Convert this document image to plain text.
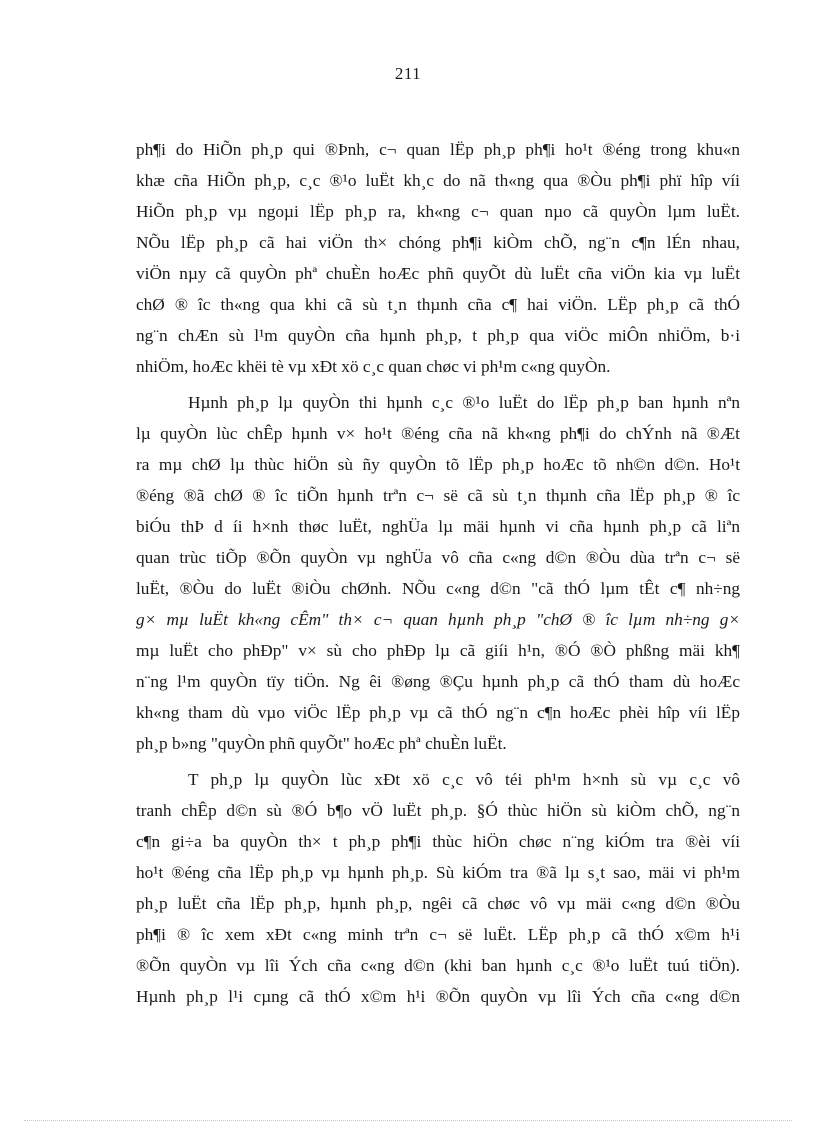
211
ph¶i do HiÕn ph¸p qui ®Þnh, c¬ quan lËp ph¸p ph¶i ho¹t ®éng trong khu«n
khæ cña HiÕn ph¸p, c¸c ®¹o luËt kh¸c do nã th«ng qua ®Òu ph¶i phï hîp víi
HiÕn ph¸p vµ ngoµi lËp ph¸p ra, kh«ng c¬ quan nµo cã quyÒn lµm luËt.
NÕu lËp ph¸p cã hai viÖn th× chóng ph¶i kiÒm chÕ, ng¨n c¶n lÉn nhau,
viÖn nµy cã quyÒn phª chuÈn hoÆc phñ quyÕt dù luËt cña viÖn kia vµ luËt
chØ ® îc th«ng qua khi cã sù t¸n thµnh cña c¶ hai viÖn. LËp ph¸p cã thÓ
ng¨n chÆn sù l¹m quyÒn cña hµnh ph¸p, t ph¸p qua viÖc miÔn nhiÖm, b·i
nhiÖm, hoÆc khëi tè vµ xÐt xö c¸c quan chøc vi ph¹m c«ng quyÒn.
Hµnh ph¸p lµ quyÒn thi hµnh c¸c ®¹o luËt do lËp ph¸p ban hµnh nªn
lµ quyÒn lùc chÊp hµnh v× ho¹t ®éng cña nã kh«ng ph¶i do chÝnh nã ®Æt
ra mµ chØ lµ thùc hiÖn sù ñy quyÒn tõ lËp ph¸p hoÆc tõ nh©n d©n. Ho¹t
®éng ®ã chØ ® îc tiÕn hµnh trªn c¬ së cã sù t¸n thµnh cña lËp ph¸p ® îc
biÓu thÞ d íi h×nh thøc luËt, nghÜa lµ mäi hµnh vi cña hµnh ph¸p cã liªn
quan trùc tiÕp ®Õn quyÒn vµ nghÜa vô cña c«ng d©n ®Òu dùa trªn c¬ së
luËt, ®Òu do luËt ®iÒu chØnh. NÕu c«ng d©n "cã thÓ lµm tÊt c¶ nh÷ng
g× mµ luËt kh«ng cÊm" th× c¬ quan hµnh ph¸p "chØ ® îc lµm nh÷ng g×
mµ luËt cho phÐp" v× sù cho phÐp lµ cã giíi h¹n, ®Ó ®Ò phßng mäi kh¶
n¨ng l¹m quyÒn tïy tiÖn. Ng êi ®øng ®Çu hµnh ph¸p cã thÓ tham dù hoÆc
kh«ng tham dù vµo viÖc lËp ph¸p vµ cã thÓ ng¨n c¶n hoÆc phèi hîp víi lËp
ph¸p b»ng "quyÒn phñ quyÕt" hoÆc phª chuÈn luËt.
T ph¸p lµ quyÒn lùc xÐt xö c¸c vô téi ph¹m h×nh sù vµ c¸c vô
tranh chÊp d©n sù ®Ó b¶o vÖ luËt ph¸p. §Ó thùc hiÖn sù kiÒm chÕ, ng¨n
c¶n gi÷a ba quyÒn th× t ph¸p ph¶i thùc hiÖn chøc n¨ng kiÓm tra ®èi víi
ho¹t ®éng cña lËp ph¸p vµ hµnh ph¸p. Sù kiÓm tra ®ã lµ s¸t sao, mäi vi ph¹m
ph¸p luËt cña lËp ph¸p, hµnh ph¸p, ngêi cã chøc vô vµ mäi c«ng d©n ®Òu
ph¶i ® îc xem xÐt c«ng minh trªn c¬ së luËt. LËp ph¸p cã thÓ x©m h¹i
®Õn quyÒn vµ lîi Ých cña c«ng d©n (khi ban hµnh c¸c ®¹o luËt tuú tiÖn).
Hµnh ph¸p l¹i cµng cã thÓ x©m h¹i ®Õn quyÒn vµ lîi Ých cña c«ng d©n
